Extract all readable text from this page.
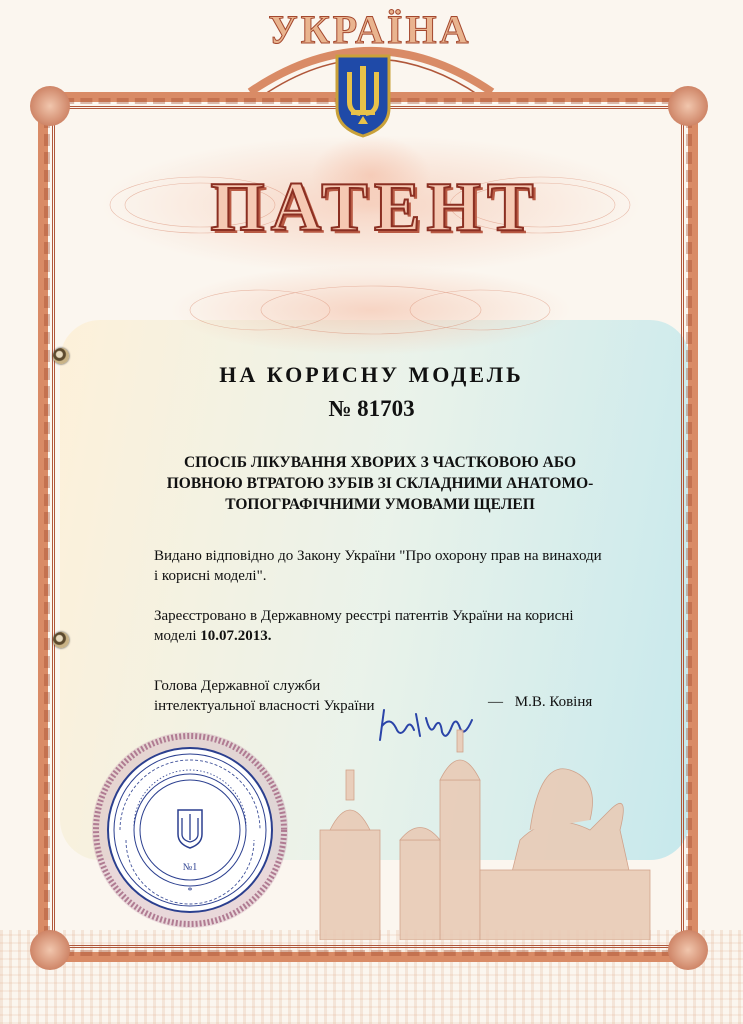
УКРАЇНА
ПАТЕНТ
НА КОРИСНУ МОДЕЛЬ
№ 81703
СПОСІБ ЛІКУВАННЯ ХВОРИХ З ЧАСТКОВОЮ АБО
ПОВНОЮ ВТРАТОЮ ЗУБІВ ЗІ СКЛАДНИМИ АНАТОМО-
ТОПОГРАФІЧНИМИ УМОВАМИ ЩЕЛЕП
Видано відповідно до Закону України "Про охорону прав на винаходи
і корисні моделі".
Зареєстровано в Державному реєстрі патентів України на корисні
моделі 10.07.2013.
Голова Державної служби
інтелектуальної власності України	— М.В. Ковіня
№1
*
